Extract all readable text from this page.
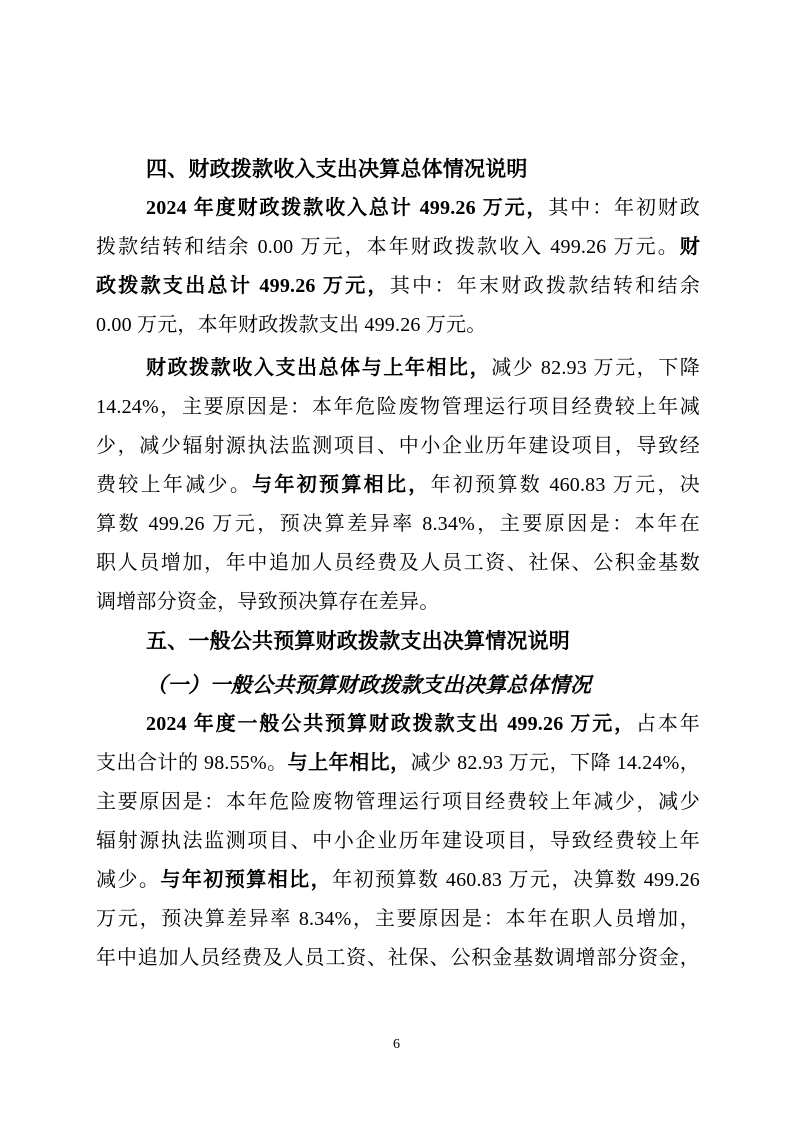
四、财政拨款收入支出决算总体情况说明
2024 年度财政拨款收入总计 499.26 万元，其中：年初财政
拨款结转和结余 0.00 万元，本年财政拨款收入 499.26 万元。财
政拨款支出总计 499.26 万元，其中：年末财政拨款结转和结余
0.00 万元，本年财政拨款支出 499.26 万元。
财政拨款收入支出总体与上年相比，减少 82.93 万元，下降
14.24%，主要原因是：本年危险废物管理运行项目经费较上年减
少，减少辐射源执法监测项目、中小企业历年建设项目，导致经
费较上年减少。与年初预算相比，年初预算数 460.83 万元，决
算数 499.26 万元，预决算差异率 8.34%，主要原因是：本年在
职人员增加，年中追加人员经费及人员工资、社保、公积金基数
调增部分资金，导致预决算存在差异。
五、一般公共预算财政拨款支出决算情况说明
（一）一般公共预算财政拨款支出决算总体情况
2024 年度一般公共预算财政拨款支出 499.26 万元，占本年
支出合计的 98.55%。与上年相比，减少 82.93 万元，下降 14.24%，
主要原因是：本年危险废物管理运行项目经费较上年减少，减少
辐射源执法监测项目、中小企业历年建设项目，导致经费较上年
减少。与年初预算相比，年初预算数 460.83 万元，决算数 499.26
万元，预决算差异率 8.34%，主要原因是：本年在职人员增加，
年中追加人员经费及人员工资、社保、公积金基数调增部分资金，
6
